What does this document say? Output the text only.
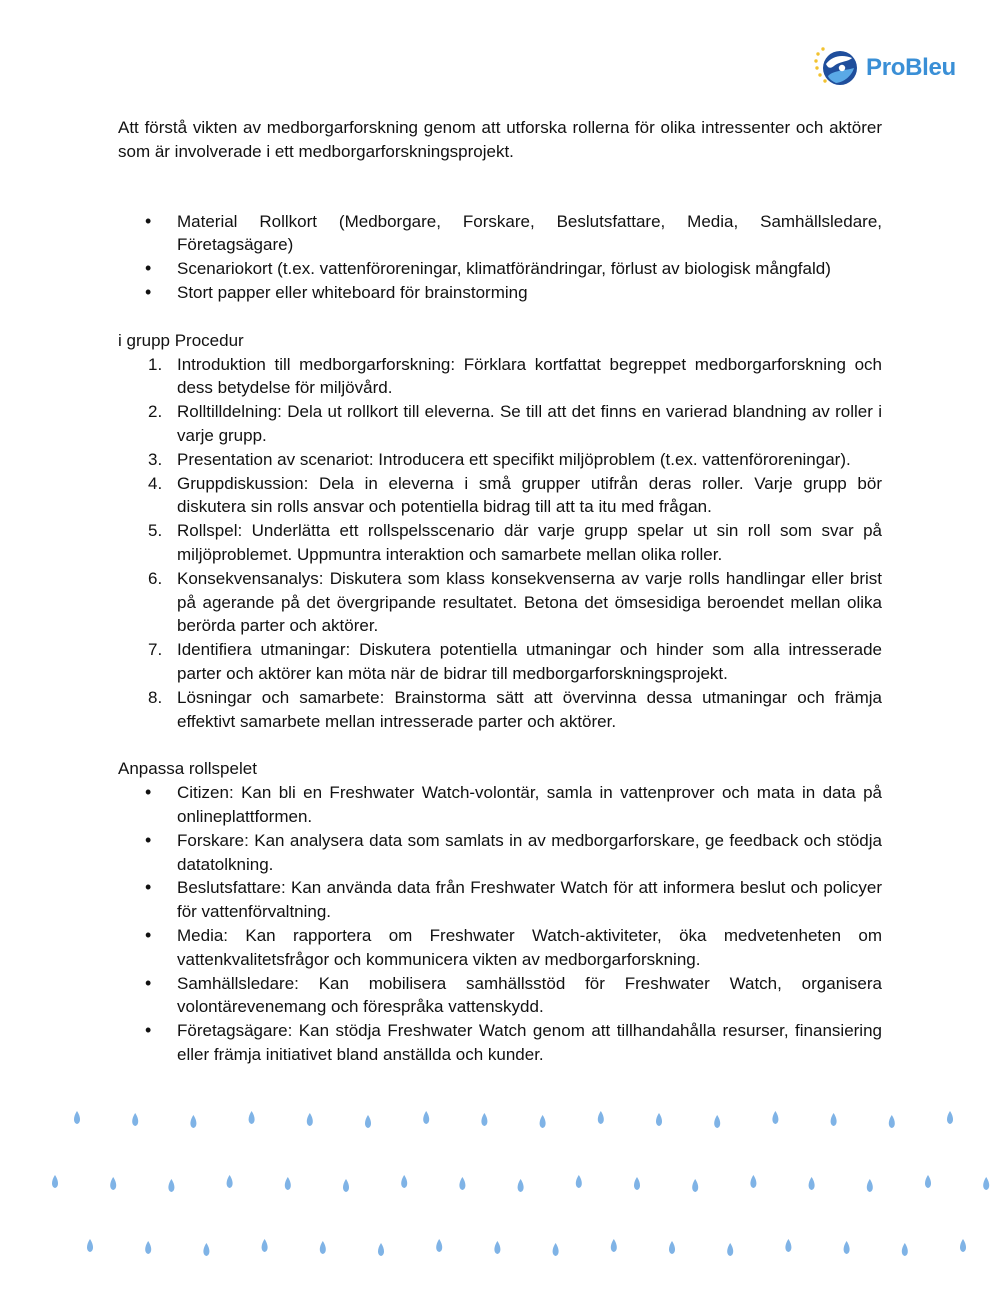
ProBleu

Att förstå vikten av medborgarforskning genom att utforska rollerna för olika intressenter och aktörer som är involverade i ett medborgarforskningsprojekt.

• Material Rollkort (Medborgare, Forskare, Beslutsfattare, Media, Samhällsledare, Företagsägare)
• Scenariokort (t.ex. vattenföroreningar, klimatförändringar, förlust av biologisk mångfald)
• Stort papper eller whiteboard för brainstorming

i grupp Procedur

1. Introduktion till medborgarforskning: Förklara kortfattat begreppet medborgarforskning och dess betydelse för miljövård.
2. Rolltilldelning: Dela ut rollkort till eleverna. Se till att det finns en varierad blandning av roller i varje grupp.
3. Presentation av scenariot: Introducera ett specifikt miljöproblem (t.ex. vattenföroreningar).
4. Gruppdiskussion: Dela in eleverna i små grupper utifrån deras roller. Varje grupp bör diskutera sin rolls ansvar och potentiella bidrag till att ta itu med frågan.
5. Rollspel: Underlätta ett rollspelsscenario där varje grupp spelar ut sin roll som svar på miljöproblemet. Uppmuntra interaktion och samarbete mellan olika roller.
6. Konsekvensanalys: Diskutera som klass konsekvenserna av varje rolls handlingar eller brist på agerande på det övergripande resultatet. Betona det ömsesidiga beroendet mellan olika berörda parter och aktörer.
7. Identifiera utmaningar: Diskutera potentiella utmaningar och hinder som alla intresserade parter och aktörer kan möta när de bidrar till medborgarforskningsprojekt.
8. Lösningar och samarbete: Brainstorma sätt att övervinna dessa utmaningar och främja effektivt samarbete mellan intresserade parter och aktörer.

Anpassa rollspelet

• Citizen: Kan bli en Freshwater Watch-volontär, samla in vattenprover och mata in data på onlineplattformen.
• Forskare: Kan analysera data som samlats in av medborgarforskare, ge feedback och stödja datatolkning.
• Beslutsfattare: Kan använda data från Freshwater Watch för att informera beslut och policyer för vattenförvaltning.
• Media: Kan rapportera om Freshwater Watch-aktiviteter, öka medvetenheten om vattenkvalitetsfrågor och kommunicera vikten av medborgarforskning.
• Samhällsledare: Kan mobilisera samhällsstöd för Freshwater Watch, organisera volontärevenemang och förespråka vattenskydd.
• Företagsägare: Kan stödja Freshwater Watch genom att tillhandahålla resurser, finansiering eller främja initiativet bland anställda och kunder.
